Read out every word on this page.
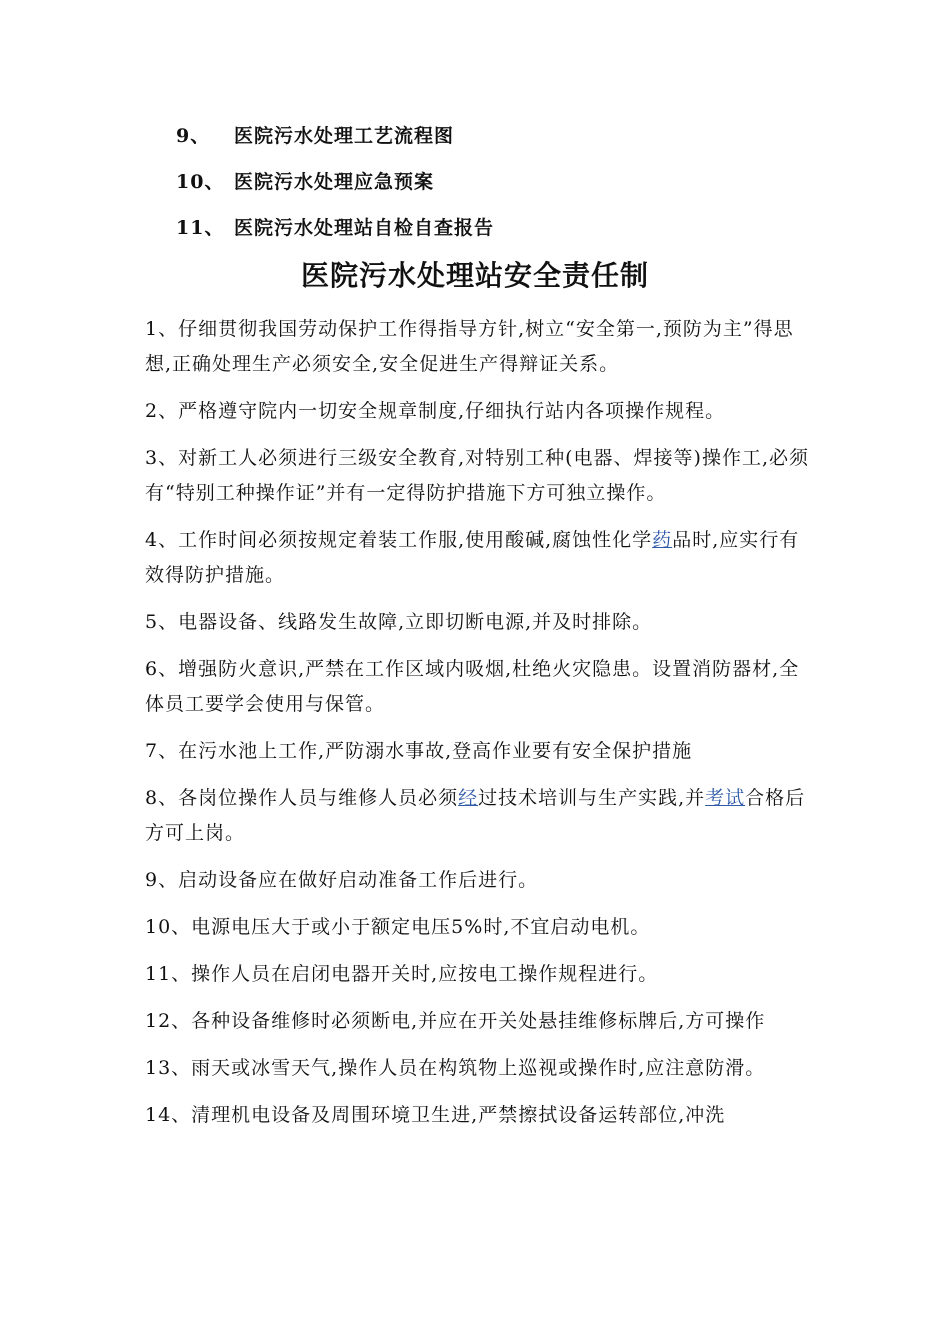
9、 医院污水处理工艺流程图
10、 医院污水处理应急预案
11、 医院污水处理站自检自查报告
医院污水处理站安全责任制

1、仔细贯彻我国劳动保护工作得指导方针,树立“安全第一,预防为主”得思想,正确处理生产必须安全,安全促进生产得辩证关系。

2、严格遵守院内一切安全规章制度,仔细执行站内各项操作规程。

3、对新工人必须进行三级安全教育,对特别工种(电器、焊接等)操作工,必须有“特别工种操作证”并有一定得防护措施下方可独立操作。

4、工作时间必须按规定着装工作服,使用酸碱,腐蚀性化学药品时,应实行有效得防护措施。

5、电器设备、线路发生故障,立即切断电源,并及时排除。

6、增强防火意识,严禁在工作区域内吸烟,杜绝火灾隐患。设置消防器材,全体员工要学会使用与保管。

7、在污水池上工作,严防溺水事故,登高作业要有安全保护措施

8、各岗位操作人员与维修人员必须经过技术培训与生产实践,并考试合格后方可上岗。

9、启动设备应在做好启动准备工作后进行。

10、电源电压大于或小于额定电压5%时,不宜启动电机。

11、操作人员在启闭电器开关时,应按电工操作规程进行。

12、各种设备维修时必须断电,并应在开关处悬挂维修标牌后,方可操作

13、雨天或冰雪天气,操作人员在构筑物上巡视或操作时,应注意防滑。

14、清理机电设备及周围环境卫生进,严禁擦拭设备运转部位,冲洗
